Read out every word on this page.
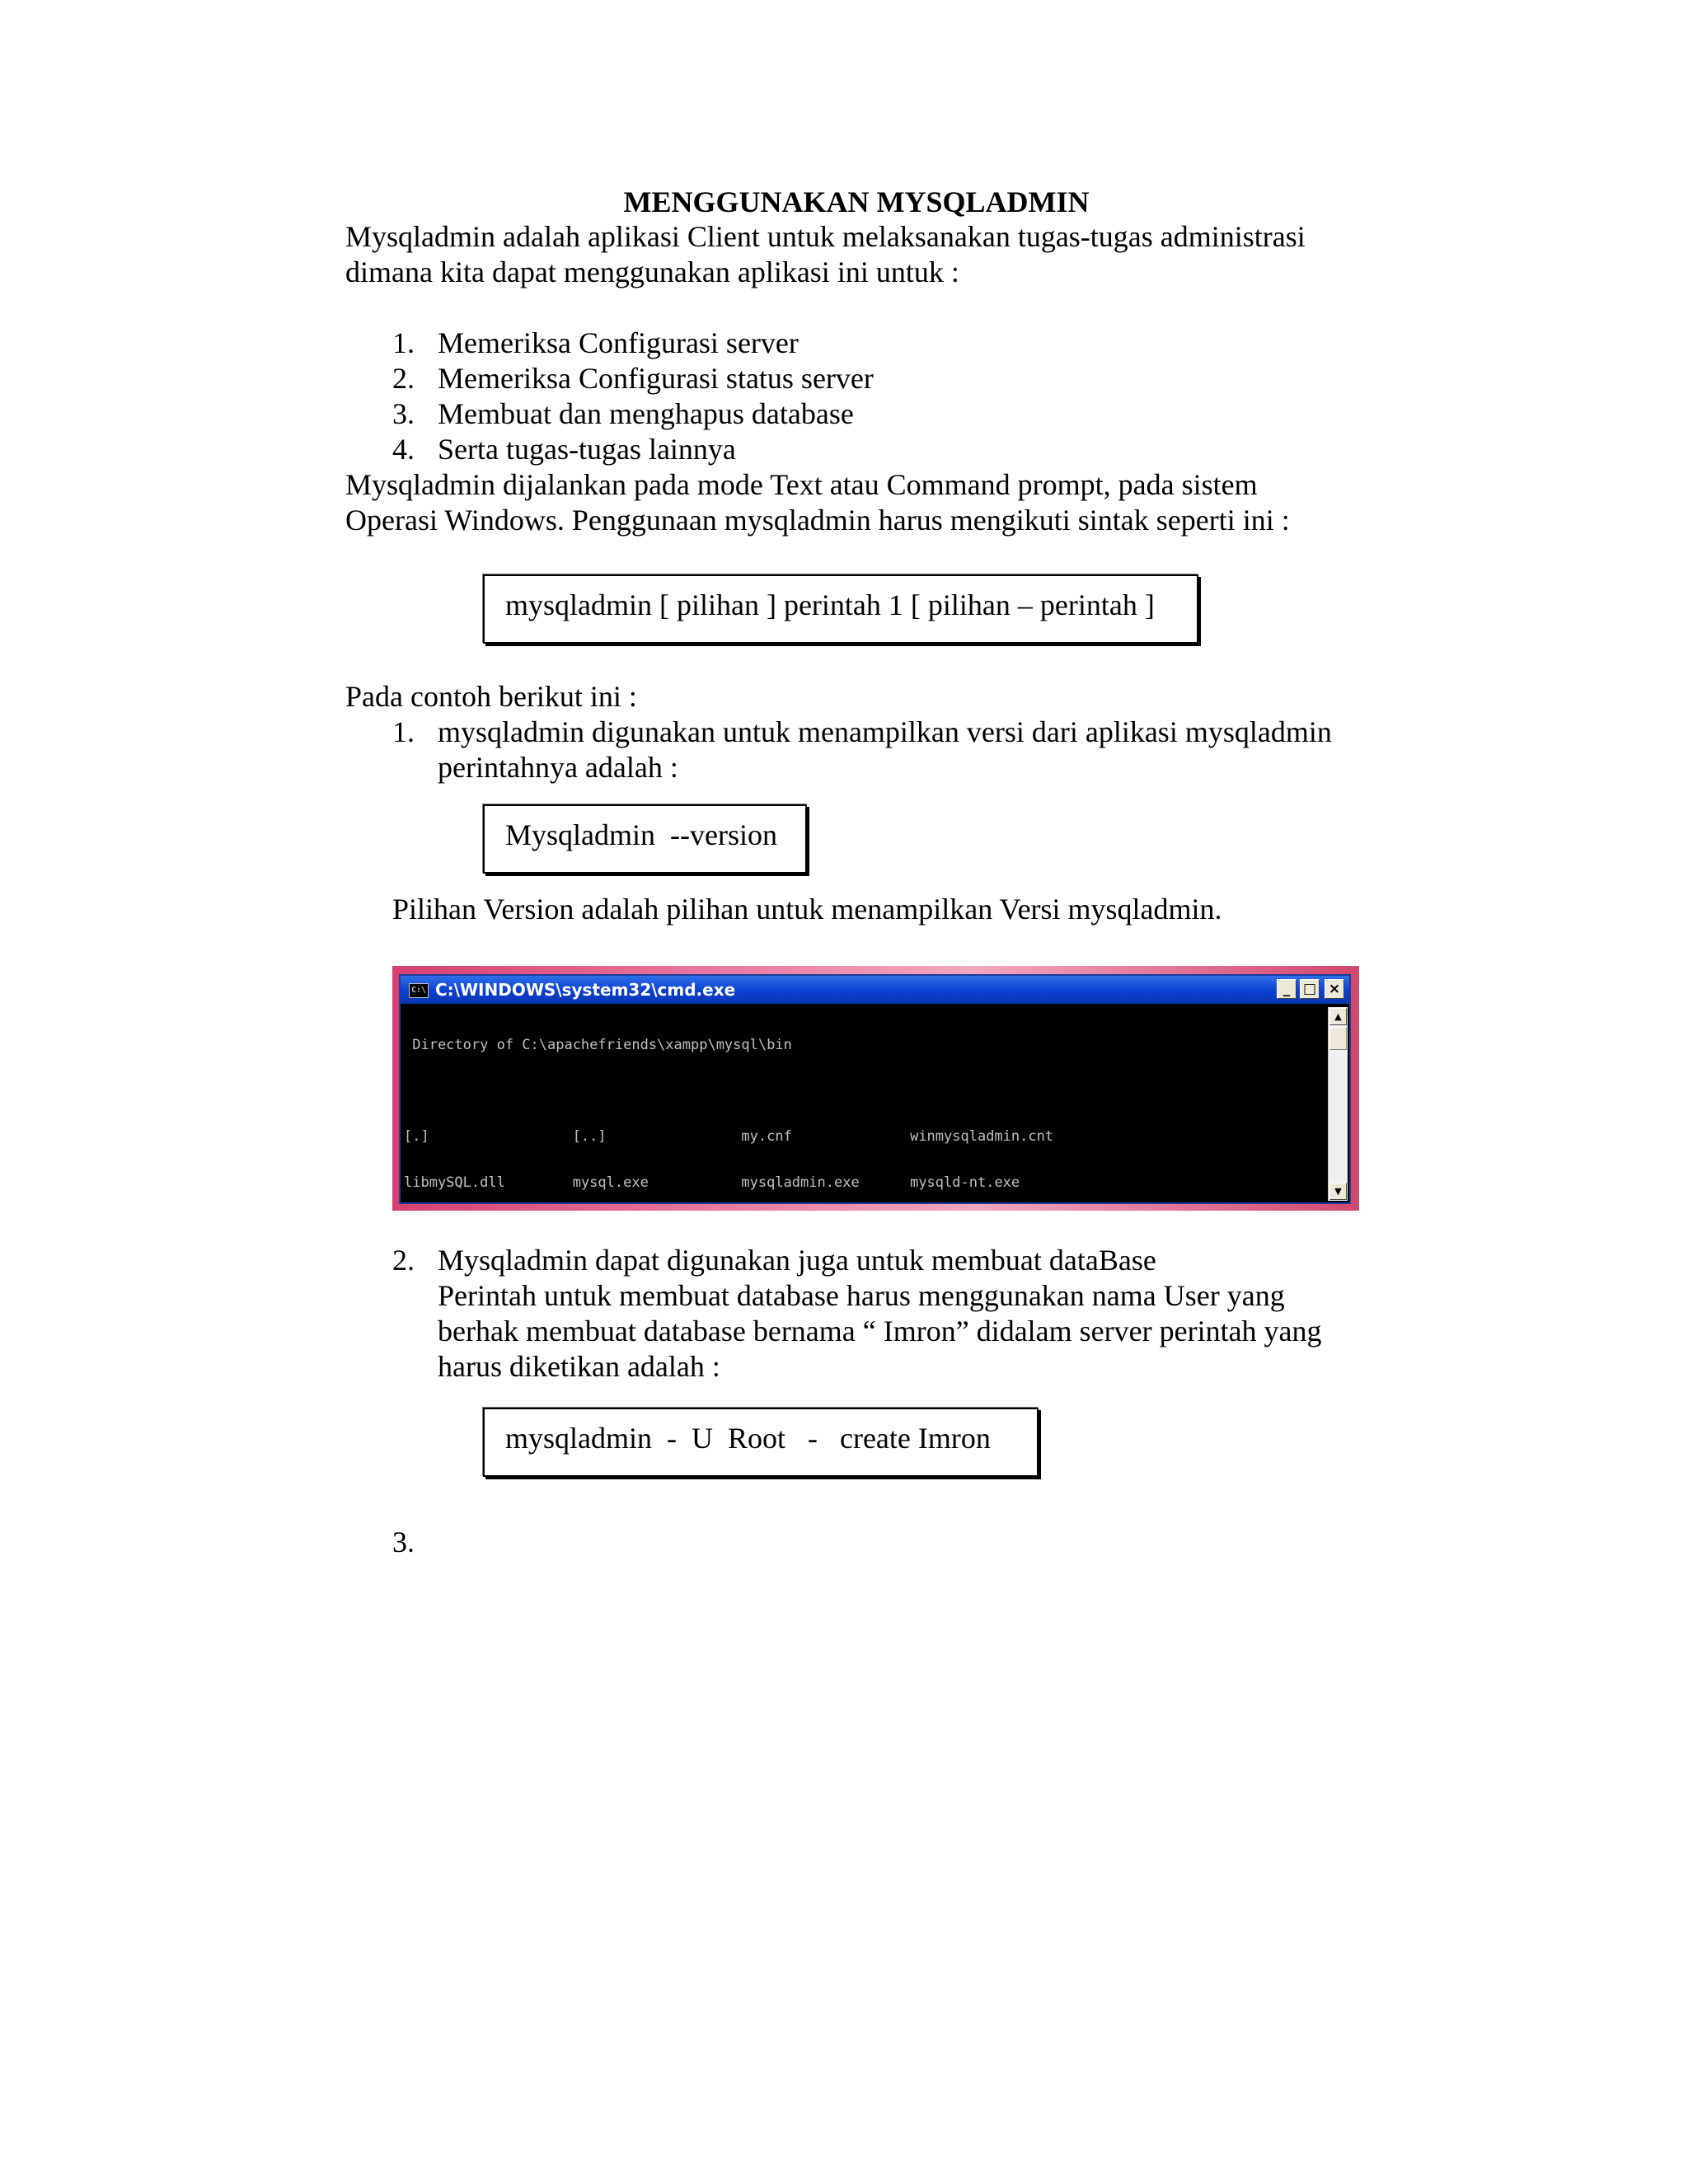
MENGGUNAKAN MYSQLADMIN
Mysqladmin adalah aplikasi Client untuk melaksanakan tugas-tugas administrasi
dimana kita dapat menggunakan aplikasi ini untuk :
1. Memeriksa Configurasi server
2. Memeriksa Configurasi status server
3. Membuat dan menghapus database
4. Serta tugas-tugas lainnya
Mysqladmin dijalankan pada mode Text atau Command prompt, pada sistem
Operasi Windows. Penggunaan mysqladmin harus mengikuti sintak seperti ini :
mysqladmin [ pilihan ] perintah 1 [ pilihan – perintah ]
Pada contoh berikut ini :
1. mysqladmin digunakan untuk menampilkan versi dari aplikasi mysqladmin
perintahnya adalah :
Mysqladmin  --version
Pilihan Version adalah pilihan untuk menampilkan Versi mysqladmin.
C:\ C:\WINDOWS\system32\cmd.exe	_ □ ×

Directory of C:\apachefriends\xampp\mysql\bin

[.]                 [..]                my.cnf              winmysqladmin.cnt

libmySQL.dll        mysql.exe           mysqladmin.exe      mysqld-nt.exe

▲
▼
2. Mysqladmin dapat digunakan juga untuk membuat dataBase
Perintah untuk membuat database harus menggunakan nama User yang
berhak membuat database bernama “ Imron” didalam server perintah yang
harus diketikan adalah :
mysqladmin  -  U  Root   -   create Imron
3.
